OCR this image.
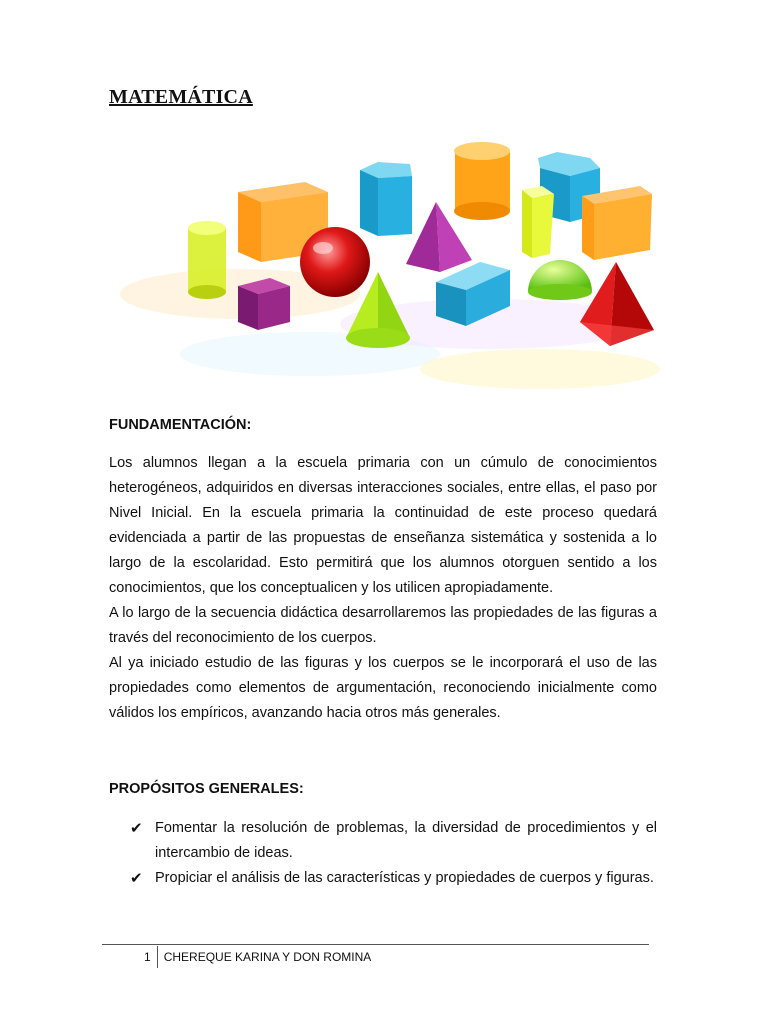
MATEMÁTICA
FUNDAMENTACIÓN:

Los alumnos llegan a la escuela primaria con un cúmulo de conocimientos heterogéneos, adquiridos en diversas interacciones sociales, entre ellas, el paso por Nivel Inicial. En la escuela primaria la continuidad de este proceso quedará evidenciada a partir de las propuestas de enseñanza sistemática y sostenida a lo largo de la escolaridad. Esto permitirá que los alumnos otorguen sentido a los conocimientos, que los conceptualicen y los utilicen apropiadamente.

A lo largo de la secuencia didáctica desarrollaremos las propiedades de las figuras a través del reconocimiento de los cuerpos.

Al ya iniciado estudio de las figuras y los cuerpos se le incorporará el uso de las propiedades como elementos de argumentación, reconociendo inicialmente como válidos los empíricos, avanzando hacia otros más generales.

PROPÓSITOS GENERALES:
✔ Fomentar la resolución de problemas, la diversidad de procedimientos y el intercambio de ideas.
✔ Propiciar el análisis de las características y propiedades de cuerpos y figuras.
1	CHEREQUE KARINA Y DON ROMINA
